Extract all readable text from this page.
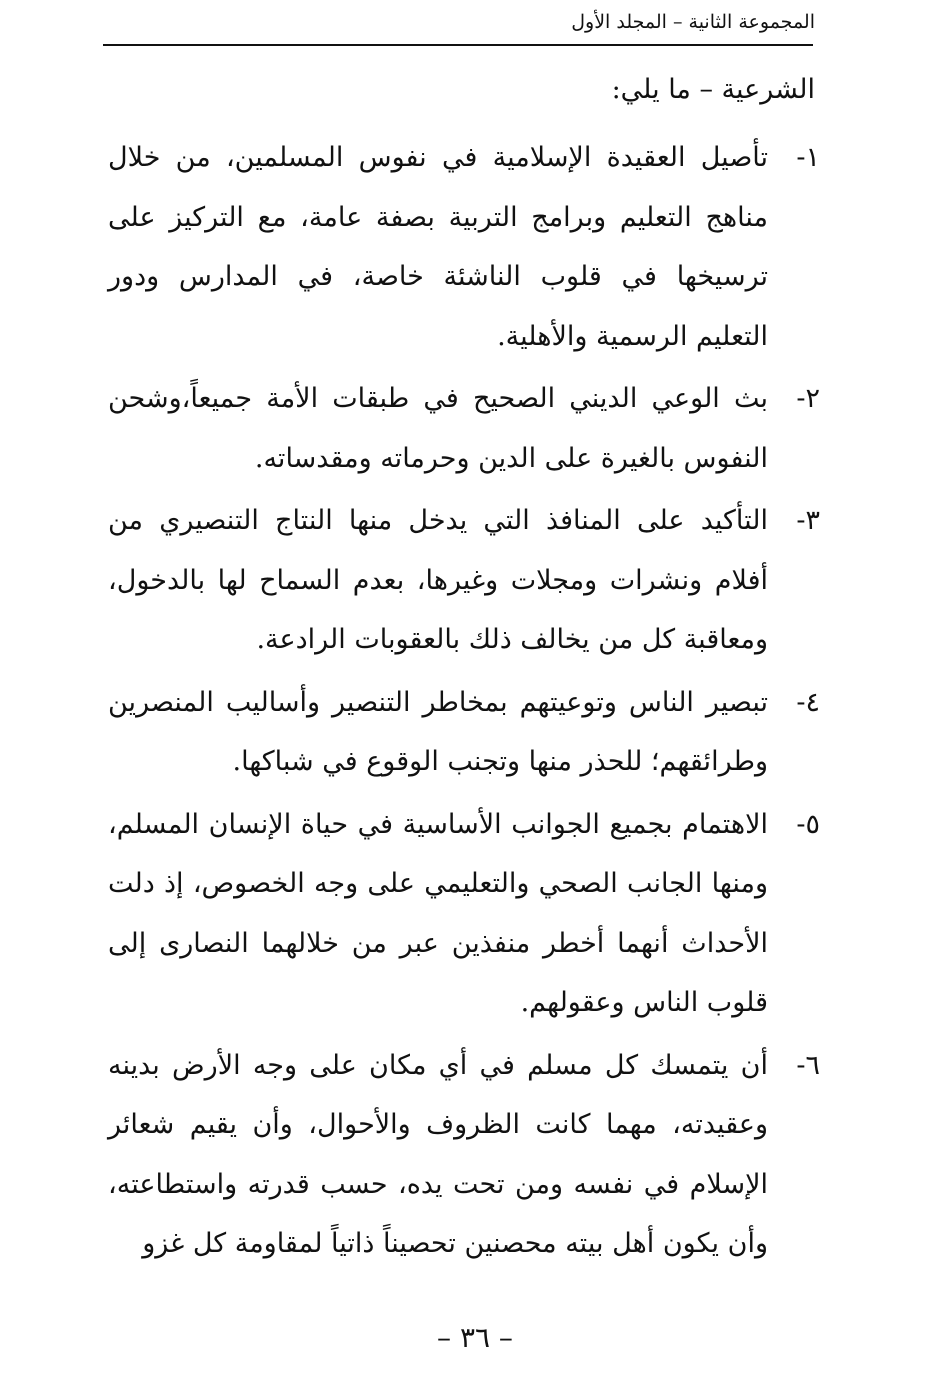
المجموعة الثانية – المجلد الأول
الشرعية – ما يلي:
١-
تأصيل العقيدة الإسلامية في نفوس المسلمين، من خلال مناهج التعليم وبرامج التربية بصفة عامة، مع التركيز على ترسيخها في قلوب الناشئة خاصة، في المدارس ودور التعليم الرسمية والأهلية.
٢-
بث الوعي الديني الصحيح في طبقات الأمة جميعاً،وشحن النفوس بالغيرة على الدين وحرماته ومقدساته.
٣-
التأكيد على المنافذ التي يدخل منها النتاج التنصيري من أفلام ونشرات ومجلات وغيرها، بعدم السماح لها بالدخول، ومعاقبة كل من يخالف ذلك بالعقوبات الرادعة.
٤-
تبصير الناس وتوعيتهم بمخاطر التنصير وأساليب المنصرين وطرائقهم؛ للحذر منها وتجنب الوقوع في شباكها.
٥-
الاهتمام بجميع الجوانب الأساسية في حياة الإنسان المسلم، ومنها الجانب الصحي والتعليمي على وجه الخصوص، إذ دلت الأحداث أنهما أخطر منفذين عبر من خلالهما النصارى إلى قلوب الناس وعقولهم.
٦-
أن يتمسك كل مسلم في أي مكان على وجه الأرض بدينه وعقيدته، مهما كانت الظروف والأحوال، وأن يقيم شعائر الإسلام في نفسه ومن تحت يده، حسب قدرته واستطاعته، وأن يكون أهل بيته محصنين تحصيناً ذاتياً لمقاومة كل غزو
– ٣٦ –
